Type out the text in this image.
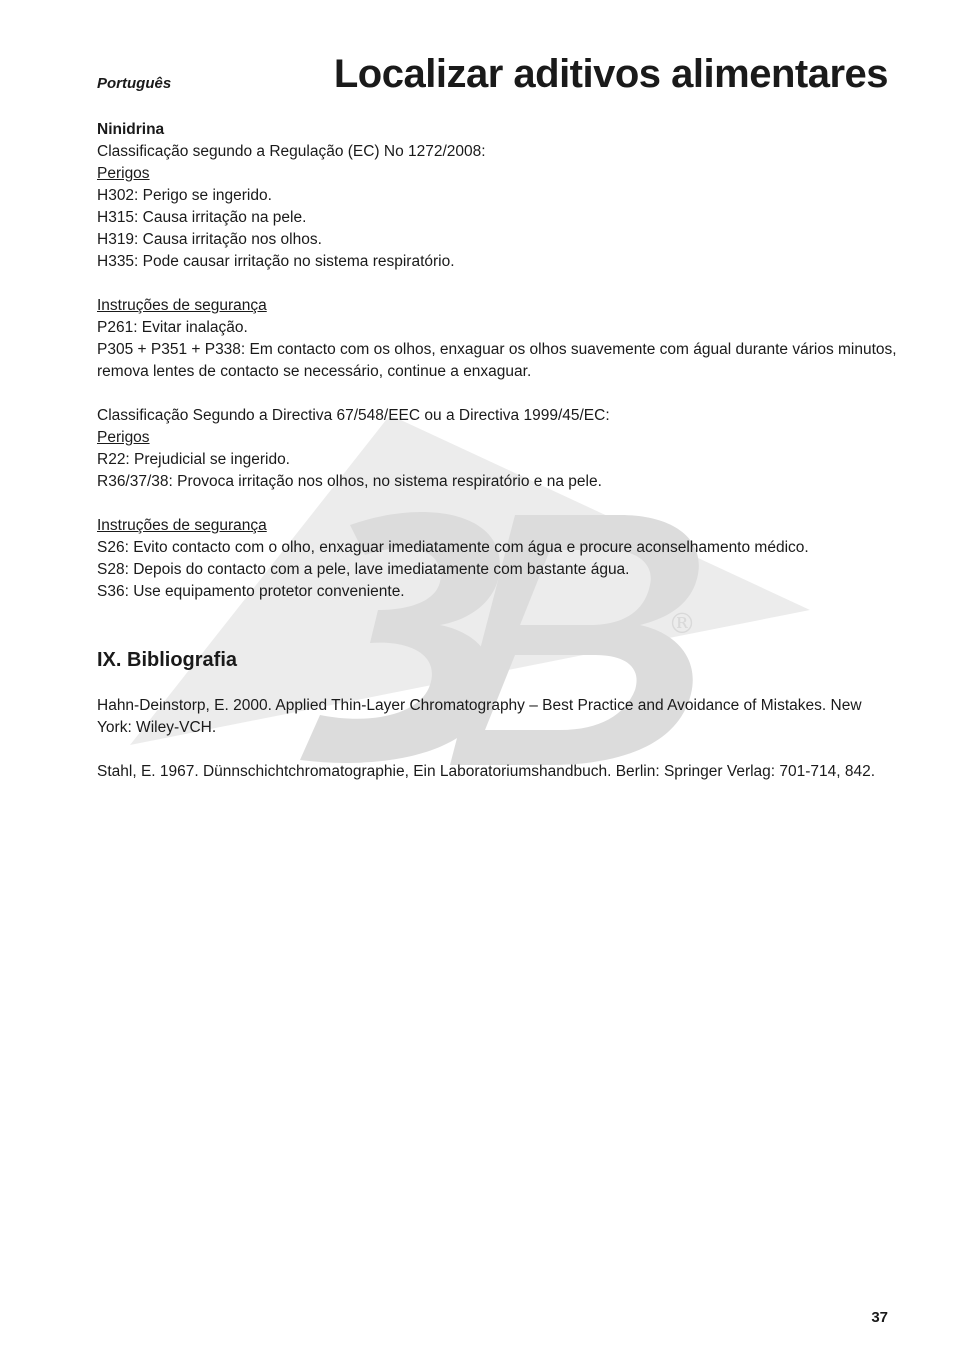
®
Português	Localizar aditivos alimentares

Ninidrina

Classificação segundo a Regulação (EC) No 1272/2008:

Perigos

H302: Perigo se ingerido.

H315: Causa irritação na pele.

H319: Causa irritação nos olhos.

H335: Pode causar irritação no sistema respiratório.

Instruções de segurança

P261: Evitar inalação.

P305 + P351 + P338: Em contacto com os olhos, enxaguar os olhos suavemente com água​l durante vários minutos, remova lentes de contacto se necessário, continue a enxaguar.

Classificação Segundo a Directiva 67/548/EEC ou a Directiva 1999/45/EC:

Perigos

R22: Prejudicial se ingerido.

R36/37/38: Provoca irritação nos olhos, no sistema respiratório e na pele.

Instruções de segurança

S26: Evito contacto com o olho, enxaguar imediatamente com água e procure aconselhamento médico.

S28: Depois do contacto com a pele, lave imediatamente com bastante água.

S36: Use equipamento protetor conveniente.

IX. Bibliografia

Hahn-Deinstorp, E. 2000. Applied Thin-Layer Chromatography – Best Practice and Avoidance of Mistakes. New York: Wiley-VCH.

Stahl, E. 1967. Dünnschichtchromatographie, Ein Laboratoriumshandbuch. Berlin: Springer Verlag: 701-714, 842.

37
